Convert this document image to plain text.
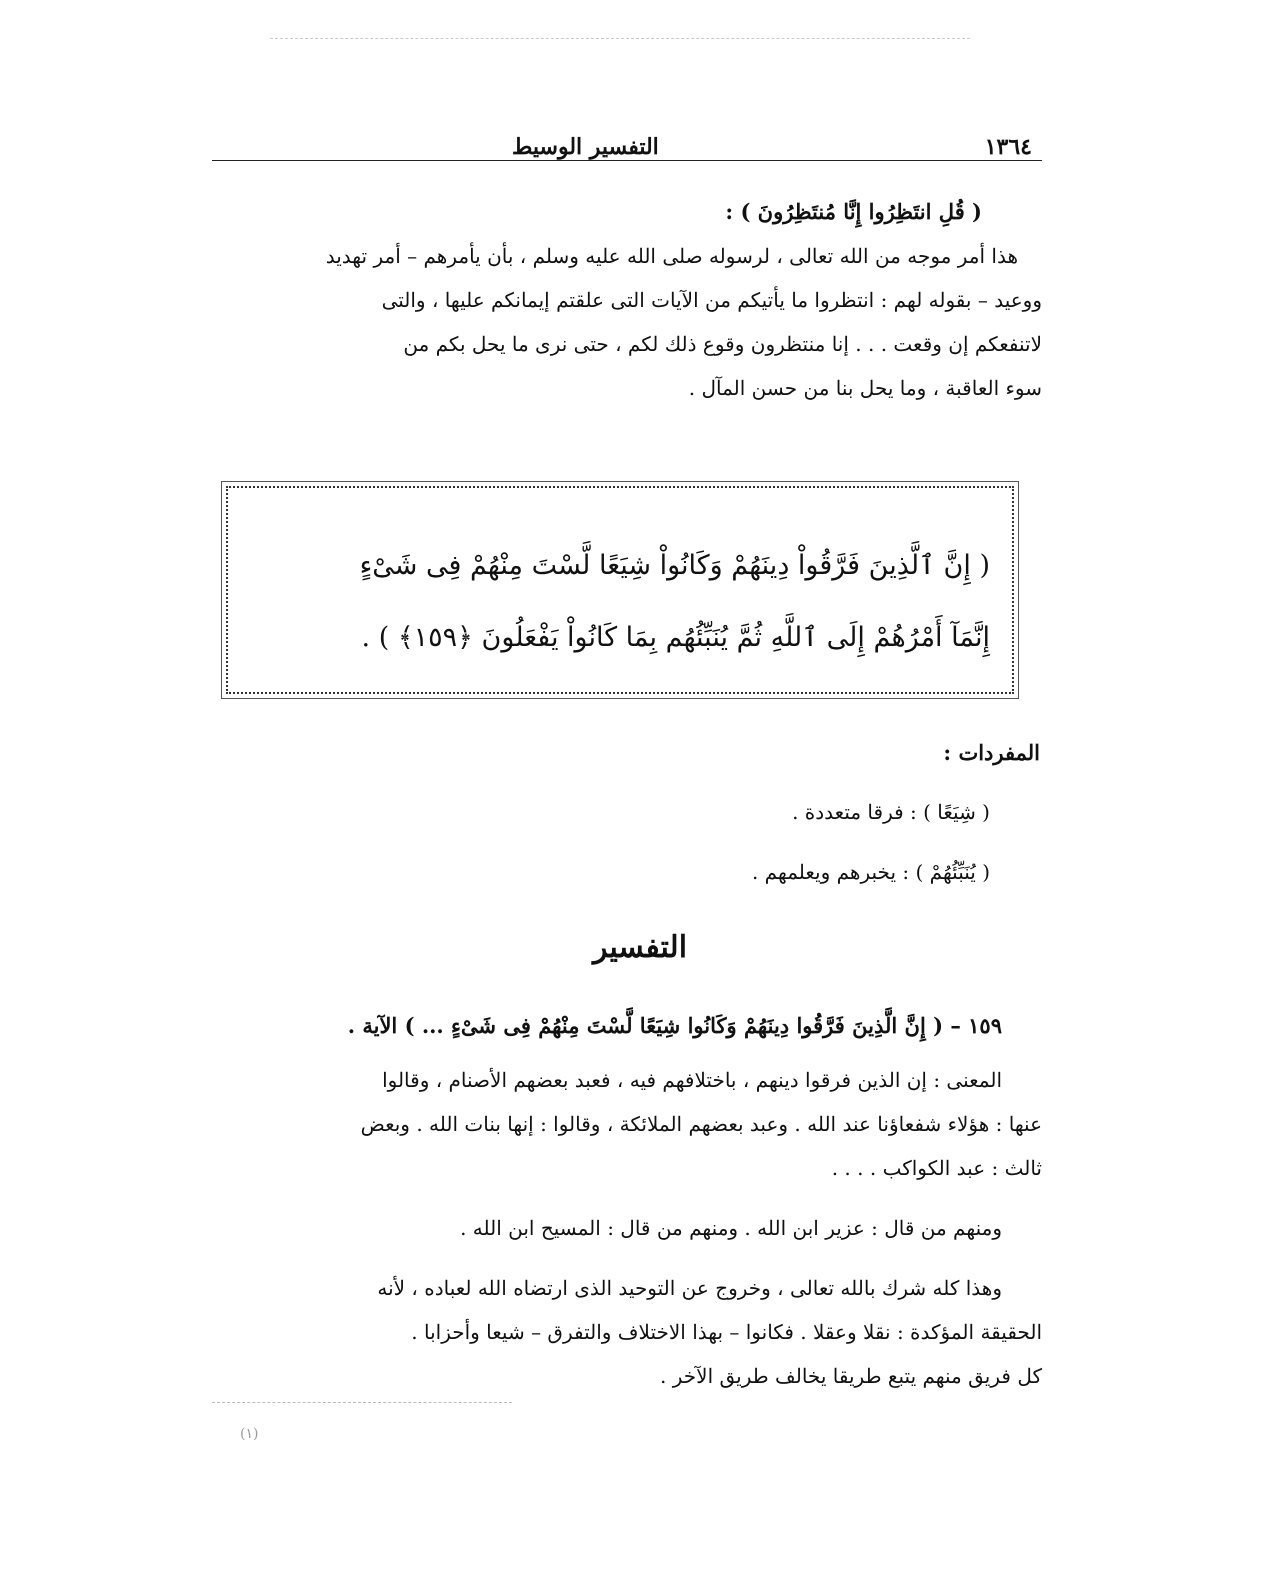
١٣٦٤
التفسير الوسيط

( قُلِ انتَظِرُوا إِنَّا مُنتَظِرُونَ ) :

هذا أمر موجه من الله تعالى ، لرسوله صلى الله عليه وسلم ، بأن يأمرهم – أمر تهديد

ووعيد – بقوله لهم : انتظروا ما يأتيكم من الآيات التى علقتم إيمانكم عليها ، والتى

لاتنفعكم إن وقعت . . . إنا منتظرون وقوع ذلك لكم ، حتى نرى ما يحل بكم من

سوء العاقبة ، وما يحل بنا من حسن المآل .

( إِنَّ ٱلَّذِينَ فَرَّقُواْ دِينَهُمْ وَكَانُواْ شِيَعًا لَّسْتَ مِنْهُمْ فِى شَىْءٍ

إِنَّمَآ أَمْرُهُمْ إِلَى ٱللَّهِ ثُمَّ يُنَبِّئُهُم بِمَا كَانُواْ يَفْعَلُونَ ﴿١٥٩﴾ ) .

المفردات :
( شِيَعًا ) : فرقا متعددة .
( يُنَبِّئُهُمْ ) : يخبرهم ويعلمهم .
التفسير

١٥٩ – ( إِنَّ الَّذِينَ فَرَّقُوا دِينَهُمْ وَكَانُوا شِيَعًا لَّسْتَ مِنْهُمْ فِى شَىْءٍ ... ) الآية .

المعنى : إن الذين فرقوا دينهم ، باختلافهم فيه ، فعبد بعضهم الأصنام ، وقالوا

عنها : هؤلاء شفعاؤنا عند الله . وعبد بعضهم الملائكة ، وقالوا : إنها بنات الله . وبعض

ثالث : عبد الكواكب . . . .

ومنهم من قال : عزير ابن الله . ومنهم من قال : المسيح ابن الله .

وهذا كله شرك بالله تعالى ، وخروج عن التوحيد الذى ارتضاه الله لعباده ، لأنه

الحقيقة المؤكدة : نقلا وعقلا . فكانوا – بهذا الاختلاف والتفرق – شيعا وأحزابا .

كل فريق منهم يتبع طريقا يخالف طريق الآخر .

(١)
